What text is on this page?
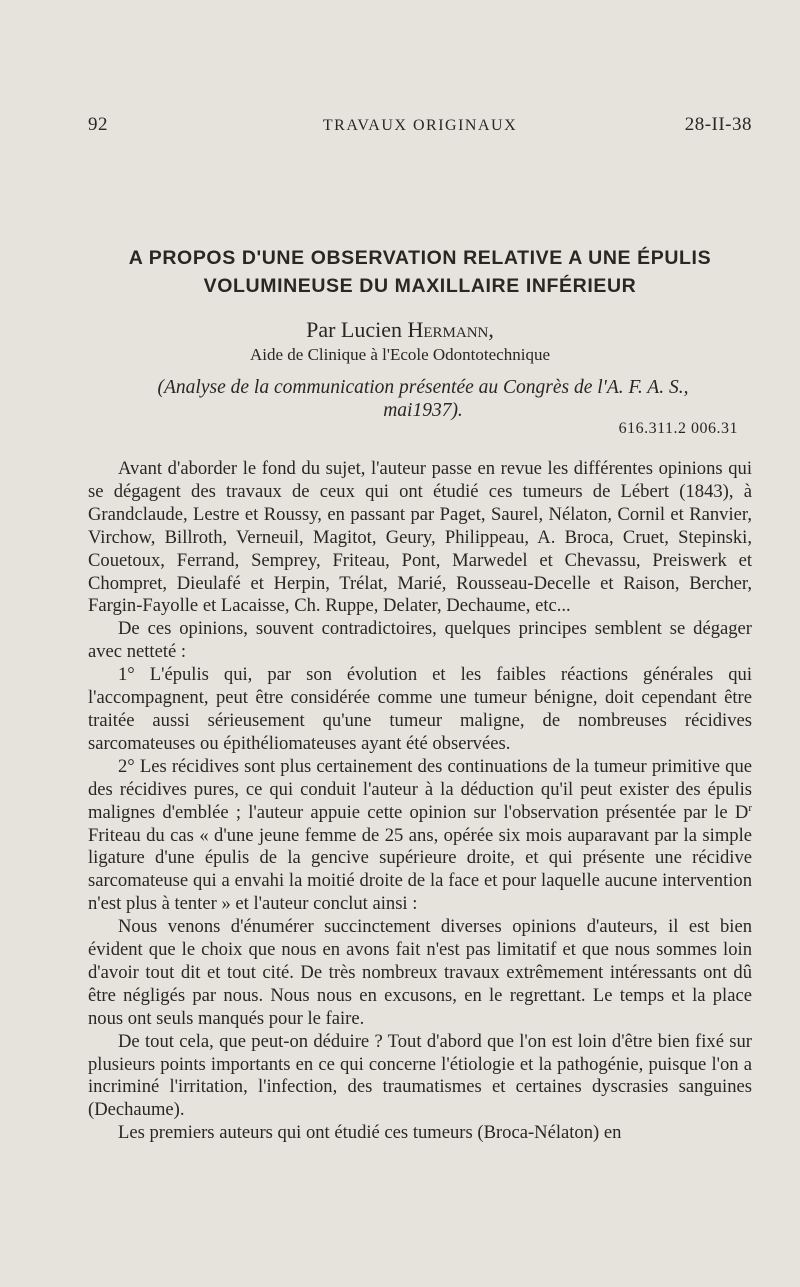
92	TRAVAUX ORIGINAUX	28-II-38
A PROPOS D'UNE OBSERVATION RELATIVE A UNE ÉPULIS
VOLUMINEUSE DU MAXILLAIRE INFÉRIEUR
Par Lucien Hermann,
Aide de Clinique à l'Ecole Odontotechnique
(Analyse de la communication présentée au Congrès de l'A. F. A. S.,
mai1937).
616.311.2 006.31

Avant d'aborder le fond du sujet, l'auteur passe en revue les différentes opinions qui se dégagent des travaux de ceux qui ont étudié ces tumeurs de Lébert (1843), à Grandclaude, Lestre et Roussy, en passant par Paget, Saurel, Nélaton, Cornil et Ranvier, Virchow, Billroth, Verneuil, Magitot, Geury, Philippeau, A. Broca, Cruet, Stepinski, Couetoux, Ferrand, Semprey, Friteau, Pont, Marwedel et Chevassu, Preiswerk et Chompret, Dieulafé et Herpin, Trélat, Marié, Rousseau-Decelle et Raison, Bercher, Fargin-Fayolle et Lacaisse, Ch. Ruppe, Delater, Dechaume, etc...

De ces opinions, souvent contradictoires, quelques principes semblent se dégager avec netteté :

1° L'épulis qui, par son évolution et les faibles réactions générales qui l'accompagnent, peut être considérée comme une tumeur bénigne, doit cependant être traitée aussi sérieusement qu'une tumeur maligne, de nombreuses récidives sarcomateuses ou épithéliomateuses ayant été observées.

2° Les récidives sont plus certainement des continuations de la tumeur primitive que des récidives pures, ce qui conduit l'auteur à la déduction qu'il peut exister des épulis malignes d'emblée ; l'auteur appuie cette opinion sur l'observation présentée par le $D^r$ Friteau du cas « d'une jeune femme de 25 ans, opérée six mois auparavant par la simple ligature d'une épulis de la gencive supérieure droite, et qui présente une récidive sarcomateuse qui a envahi la moitié droite de la face et pour laquelle aucune intervention n'est plus à tenter » et l'auteur conclut ainsi :

Nous venons d'énumérer succinctement diverses opinions d'auteurs, il est bien évident que le choix que nous en avons fait n'est pas limitatif et que nous sommes loin d'avoir tout dit et tout cité. De très nombreux travaux extrêmement intéressants ont dû être négligés par nous. Nous nous en excusons, en le regrettant. Le temps et la place nous ont seuls manqués pour le faire.

De tout cela, que peut-on déduire ? Tout d'abord que l'on est loin d'être bien fixé sur plusieurs points importants en ce qui concerne l'étiologie et la pathogénie, puisque l'on a incriminé l'irritation, l'infection, des traumatismes et certaines dyscrasies sanguines (Dechaume).

Les premiers auteurs qui ont étudié ces tumeurs (Broca-Nélaton) en
